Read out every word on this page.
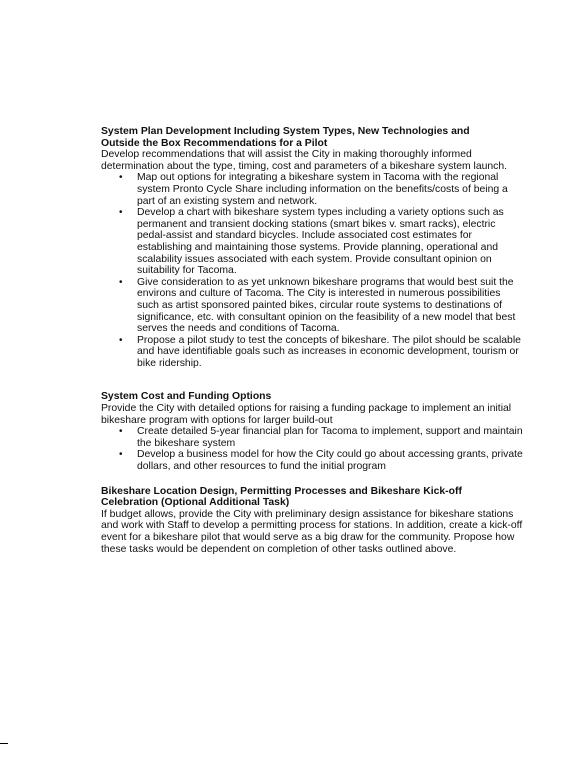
System Plan Development Including System Types, New Technologies and
Outside the Box Recommendations for a Pilot

Develop recommendations that will assist the City in making thoroughly informed determination about the type, timing, cost and parameters of a bikeshare system launch.

• Map out options for integrating a bikeshare system in Tacoma with the regional system Pronto Cycle Share including information on the benefits/costs of being a part of an existing system and network.
• Develop a chart with bikeshare system types including a variety options such as permanent and transient docking stations (smart bikes v. smart racks), electric pedal-assist and standard bicycles. Include associated cost estimates for establishing and maintaining those systems. Provide planning, operational and scalability issues associated with each system. Provide consultant opinion on suitability for Tacoma.
• Give consideration to as yet unknown bikeshare programs that would best suit the environs and culture of Tacoma. The City is interested in numerous possibilities such as artist sponsored painted bikes, circular route systems to destinations of significance, etc. with consultant opinion on the feasibility of a new model that best serves the needs and conditions of Tacoma.
• Propose a pilot study to test the concepts of bikeshare. The pilot should be scalable and have identifiable goals such as increases in economic development, tourism or bike ridership.

System Cost and Funding Options

Provide the City with detailed options for raising a funding package to implement an initial bikeshare program with options for larger build-out

• Create detailed 5-year financial plan for Tacoma to implement, support and maintain the bikeshare system
• Develop a business model for how the City could go about accessing grants, private dollars, and other resources to fund the initial program

Bikeshare Location Design, Permitting Processes and Bikeshare Kick-off
Celebration (Optional Additional Task)

If budget allows, provide the City with preliminary design assistance for bikeshare stations and work with Staff to develop a permitting process for stations. In addition, create a kick-off event for a bikeshare pilot that would serve as a big draw for the community. Propose how these tasks would be dependent on completion of other tasks outlined above.
